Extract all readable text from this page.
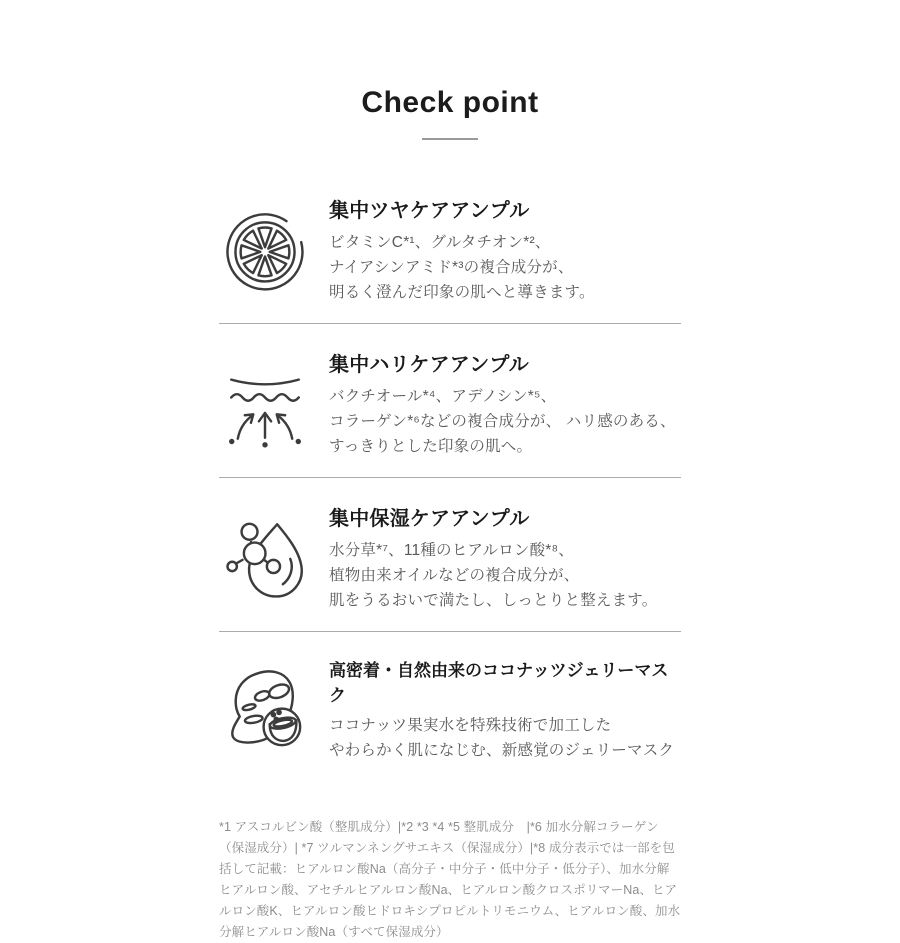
Check point
集中ツヤケアアンプル
ビタミンC*¹、グルタチオン*²、
ナイアシンアミド*³の複合成分が、
明るく澄んだ印象の肌へと導きます。
集中ハリケアアンプル
バクチオール*⁴、アデノシン*⁵、
コラーゲン*⁶などの複合成分が、 ハリ感のある、
すっきりとした印象の肌へ。
集中保湿ケアアンプル
水分草*⁷、11種のヒアルロン酸*⁸、
植物由来オイルなどの複合成分が、
肌をうるおいで満たし、しっとりと整えます。
高密着・自然由来のココナッツジェリーマスク
ココナッツ果実水を特殊技術で加工した
やわらかく肌になじむ、新感覚のジェリーマスク
*1 アスコルビン酸（整肌成分）|*2 *3 *4 *5 整肌成分　|*6 加水分解コラーゲン（保湿成分）| *7 ツルマンネングサエキス（保湿成分）|*8 成分表示では一部を包括して記載：ヒアルロン酸Na（高分子・中分子・低中分子・低分子）、加水分解ヒアルロン酸、アセチルヒアルロン酸Na、ヒアルロン酸クロスポリマーNa、ヒアルロン酸K、ヒアルロン酸ヒドロキシプロピルトリモニウム、ヒアルロン酸、加水分解ヒアルロン酸Na（すべて保湿成分）
